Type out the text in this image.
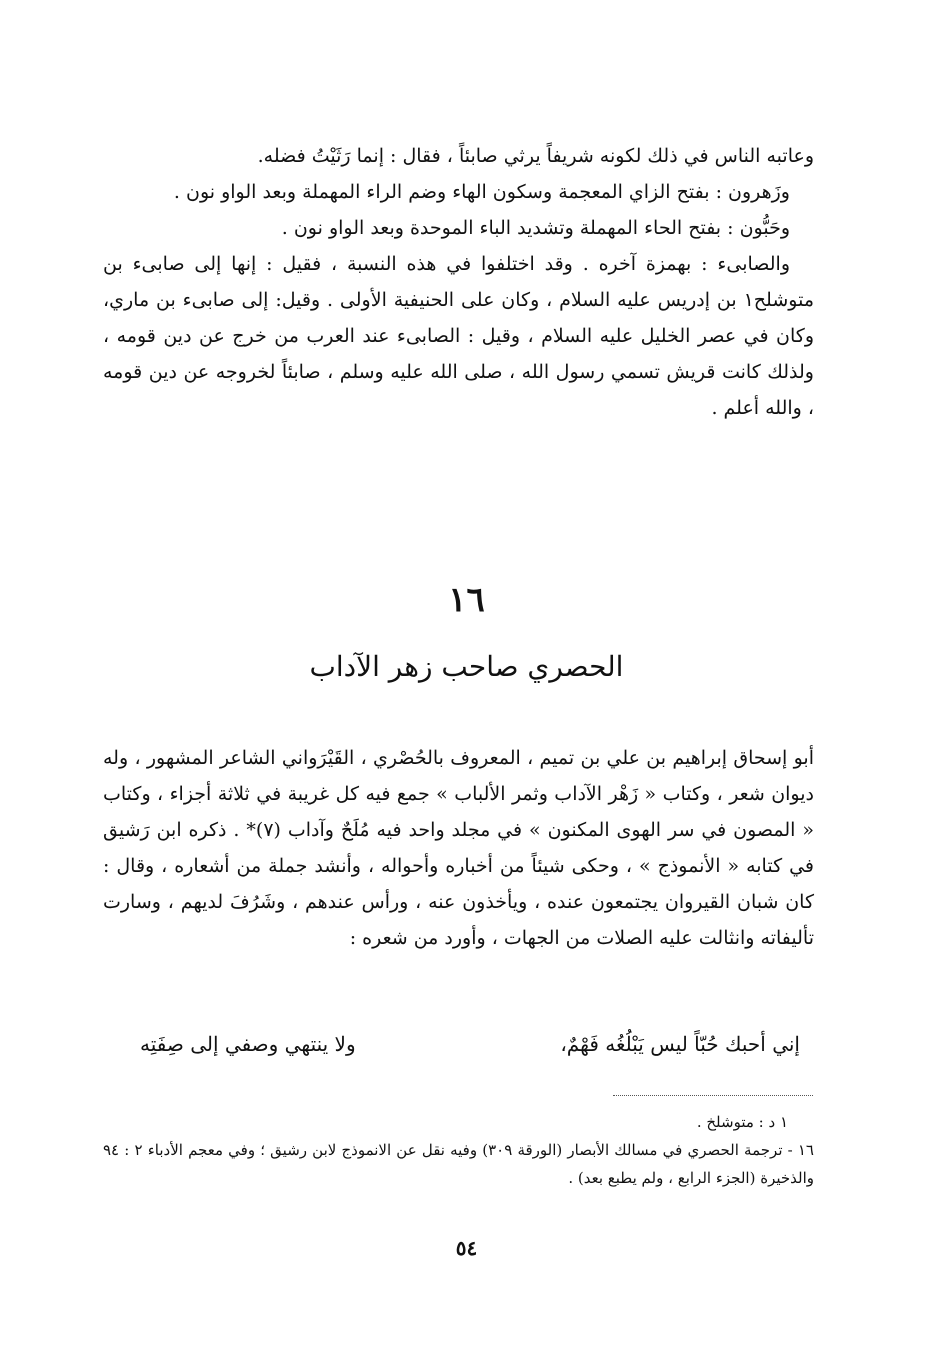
وعاتبه الناس في ذلك لكونه شريفاً يرثي صابئاً ، فقال : إنما رَثَيْتُ فضله.

وزَهرون : بفتح الزاي المعجمة وسكون الهاء وضم الراء المهملة وبعد الواو نون .

وحَبُّون : بفتح الحاء المهملة وتشديد الباء الموحدة وبعد الواو نون .

والصابىء : بهمزة آخره . وقد اختلفوا في هذه النسبة ، فقيل : إنها إلى صابىء بن متوشلح١ بن إدريس عليه السلام ، وكان على الحنيفية الأولى . وقيل: إلى صابىء بن ماري، وكان في عصر الخليل عليه السلام ، وقيل : الصابىء عند العرب من خرج عن دين قومه ، ولذلك كانت قريش تسمي رسول الله ، صلى الله عليه وسلم ، صابئاً لخروجه عن دين قومه ، والله أعلم .

١٦
الحصري صاحب زهر الآداب

أبو إسحاق إبراهيم بن علي بن تميم ، المعروف بالحُصْري ، القَيْرَواني الشاعر المشهور ، وله ديوان شعر ، وكتاب « زَهْر الآداب وثمر الألباب » جمع فيه كل غريبة في ثلاثة أجزاء ، وكتاب « المصون في سر الهوى المكنون » في مجلد واحد فيه مُلَحٌ وآداب (٧)* . ذكره ابن رَشيق في كتابه « الأنموذج » ، وحكى شيئاً من أخباره وأحواله ، وأنشد جملة من أشعاره ، وقال : كان شبان القيروان يجتمعون عنده ، ويأخذون عنه ، ورأس عندهم ، وشَرُفَ لديهم ، وسارت تأليفاته وانثالت عليه الصلات من الجهات ، وأورد من شعره :

إني أحبك حُبّاً ليس يَبْلُغُه فَهْمٌ،
ولا ينتهي وصفي إلى صِفَتِه

١ د : متوشلخ .

١٦ - ترجمة الحصري في مسالك الأبصار (الورقة ٣٠٩) وفيه نقل عن الانموذج لابن رشيق ؛ وفي معجم الأدباء ٢ : ٩٤ والذخيرة (الجزء الرابع ، ولم يطبع بعد) .

٥٤
